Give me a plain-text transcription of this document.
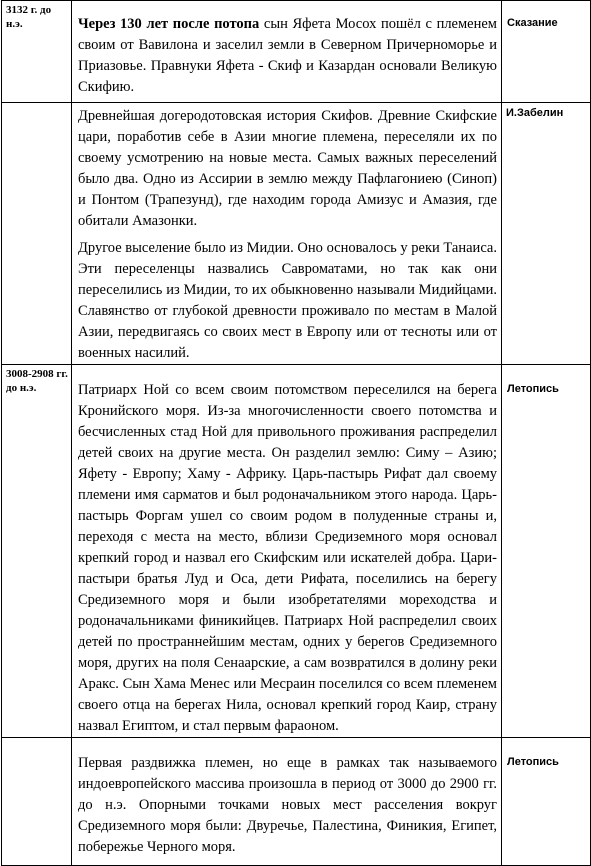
3132 г. до н.э.	Через 130 лет после потопа сын Яфета Мосох пошёл с племенем своим от Вавилона и заселил земли в Северном Причерноморье и Приазовье. Правнуки Яфета - Скиф и Казардан основали Великую Скифию.	Сказание

	Древнейшая догеродотовская история Скифов. Древние Скифские цари, поработив себе в Азии многие племена, переселяли их по своему усмотрению на новые места. Самых важных переселений было два. Одно из Ассирии в землю между Пафлагониею (Синоп) и Понтом (Трапезунд), где находим города Амизус и Амазия, где обитали Амазонки.

Другое выселение было из Мидии. Оно основалось у реки Танаиса. Эти переселенцы назвались Савроматами, но так как они переселились из Мидии, то их обыкновенно называли Мидийцами. Славянство от глубокой древности проживало по местам в Малой Азии, передвигаясь со своих мест в Европу или от тесноты или от военных насилий.	И.Забелин

3008-2908 гг. до н.э.	Патриарх Ной со всем своим потомством переселился на берега Кронийского моря. Из-за многочисленности своего потомства и бесчисленных стад Ной для привольного проживания распределил детей своих на другие места. Он разделил землю: Симу – Азию; Яфету - Европу; Хаму - Африку. Царь-пастырь Рифат дал своему племени имя сарматов и был родоначальником этого народа. Царь-пастырь Форгам ушел со своим родом в полуденные страны и, переходя с места на место, вблизи Средиземного моря основал крепкий город и назвал его Скифским или искателей добра. Цари-пастыри братья Луд и Оса, дети Рифата, поселились на берегу Средиземного моря и были изобретателями мореходства и родоначальниками финикийцев. Патриарх Ной распределил своих детей по пространнейшим местам, одних у берегов Средиземного моря, других на поля Сенаарские, а сам возвратился в долину реки Аракс. Сын Хама Менес или Месраин поселился со всем племенем своего отца на берегах Нила, основал крепкий город Каир, страну назвал Египтом, и стал первым фараоном.	Летопись

	Первая раздвижка племен, но еще в рамках так называемого индоевропейского массива произошла в период от 3000 до 2900 гг. до н.э. Опорными точками новых мест расселения вокруг Средиземного моря были: Двуречье, Палестина, Финикия, Египет, побережье Черного моря.	Летопись
